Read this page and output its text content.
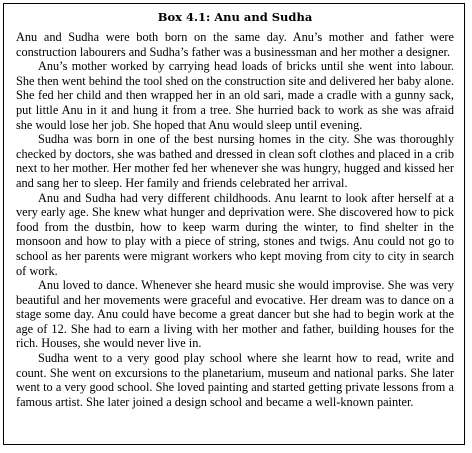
Box 4.1: Anu and Sudha

Anu and Sudha were both born on the same day. Anu’s mother and father were construction labourers and Sudha’s father was a businessman and her mother a designer.

Anu’s mother worked by carrying head loads of bricks until she went into labour. She then went behind the tool shed on the construction site and delivered her baby alone. She fed her child and then wrapped her in an old sari, made a cradle with a gunny sack, put little Anu in it and hung it from a tree. She hurried back to work as she was afraid she would lose her job. She hoped that Anu would sleep until evening.

Sudha was born in one of the best nursing homes in the city. She was thoroughly checked by doctors, she was bathed and dressed in clean soft clothes and placed in a crib next to her mother. Her mother fed her whenever she was hungry, hugged and kissed her and sang her to sleep. Her family and friends celebrated her arrival.

Anu and Sudha had very different childhoods. Anu learnt to look after herself at a very early age. She knew what hunger and deprivation were. She discovered how to pick food from the dustbin, how to keep warm during the winter, to find shelter in the monsoon and how to play with a piece of string, stones and twigs. Anu could not go to school as her parents were migrant workers who kept moving from city to city in search of work.

Anu loved to dance. Whenever she heard music she would improvise. She was very beautiful and her movements were graceful and evocative. Her dream was to dance on a stage some day. Anu could have become a great dancer but she had to begin work at the age of 12. She had to earn a living with her mother and father, building houses for the rich. Houses, she would never live in.

Sudha went to a very good play school where she learnt how to read, write and count. She went on excursions to the planetarium, museum and national parks. She later went to a very good school. She loved painting and started getting private lessons from a famous artist. She later joined a design school and became a well-known painter.
